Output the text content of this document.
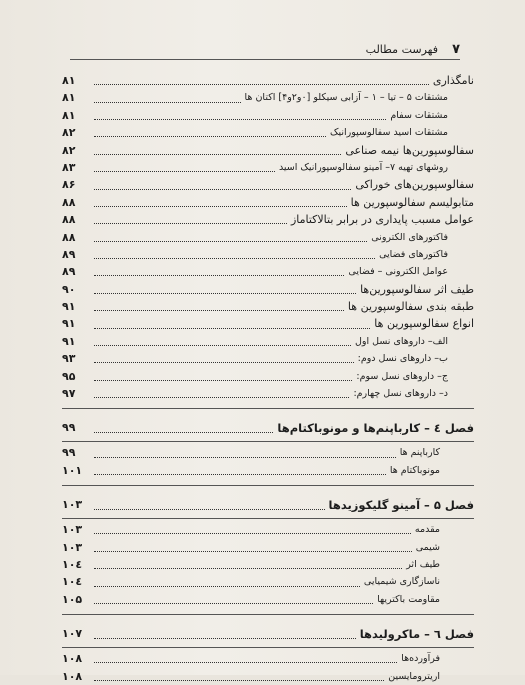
۷
فهرست مطالب
نامگذاری
۸۱
مشتقات ۵ – تیا – ۱ – آزابی سیکلو [۰و۲و۴] اکتان ها
۸۱
مشتقات سفام
۸۱
مشتقات اسید سفالوسپورانیک
۸۲
سفالوسپورین‌ها نیمه صناعی
۸۲
روشهای تهیه ۷– آمینو سفالوسپورانیک اسید
۸۳
سفالوسپورین‌های خوراکی
۸۶
متابولیسم سفالوسپورین ها
۸۸
عوامل مسبب پایداری در برابر بتالاکتاماز
۸۸
فاکتورهای الکترونی
۸۸
فاکتورهای فضایی
۸۹
عوامل الکترونی – فضایی
۸۹
طیف اثر سفالوسپورین‌ها
۹۰
طبقه بندی سفالوسپورین ها
۹۱
انواع سفالوسپورین ها
۹۱
الف– داروهای نسل اول
۹۱
ب– داروهای نسل دوم:
۹۳
ج– داروهای نسل سوم:
۹۵
د– داروهای نسل چهارم:
۹۷
فصل ٤ – کارباپنم‌ها و مونوباکتام‌ها
۹۹
کارباپنم ها
۹۹
مونوباکتام ها
۱۰۱
فصل ۵ – آمینو گلیکوزیدها
۱۰۳
مقدمه
۱۰۳
شیمی
۱۰۳
طیف اثر
۱۰٤
ناسازگاری شیمیایی
۱۰٤
مقاومت باکتریها
۱۰۵
فصل ٦ – ماکرولیدها
۱۰۷
فرآورده‌ها
۱۰۸
اریترومایسین
۱۰۸
